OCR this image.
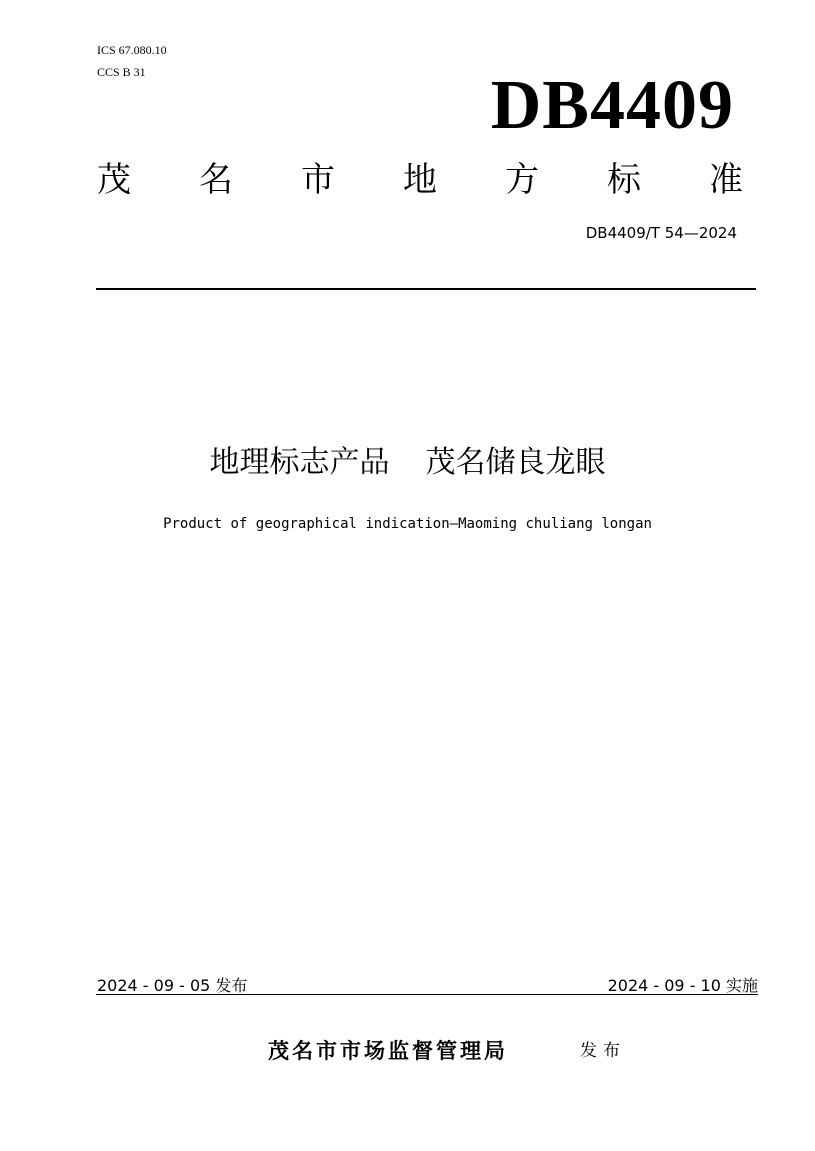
ICS 67.080.10
CCS B 31	DB4409
茂 名 市 地 方 标 准
DB4409/T 54—2024
地理标志产品 茂名储良龙眼
Product of geographical indication—Maoming chuliang longan
2024 - 09 - 05 发布	2024 - 09 - 10 实施
茂名市市场监督管理局	发布
